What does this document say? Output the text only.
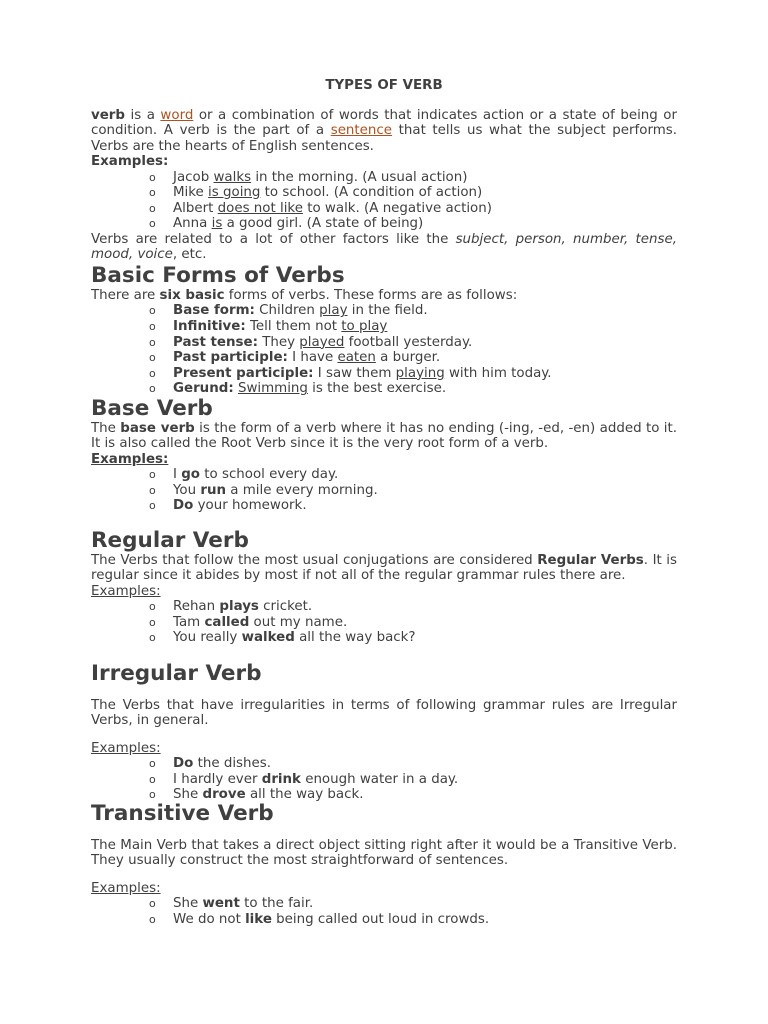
TYPES OF VERB

verb is a word or a combination of words that indicates action or a state of being or condition. A verb is the part of a sentence that tells us what the subject performs. Verbs are the hearts of English sentences.

Examples:
o Jacob walks in the morning. (A usual action)
o Mike is going to school. (A condition of action)
o Albert does not like to walk. (A negative action)
o Anna is a good girl. (A state of being)

Verbs are related to a lot of other factors like the subject, person, number, tense, mood, voice, etc.

Basic Forms of Verbs

There are six basic forms of verbs. These forms are as follows:

o Base form: Children play in the field.
o Infinitive: Tell them not to play
o Past tense: They played football yesterday.
o Past participle: I have eaten a burger.
o Present participle: I saw them playing with him today.
o Gerund: Swimming is the best exercise.
Base Verb

The base verb is the form of a verb where it has no ending (-ing, -ed, -en) added to it. It is also called the Root Verb since it is the very root form of a verb.

Examples:
o I go to school every day.
o You run a mile every morning.
o Do your homework.
Regular Verb

The Verbs that follow the most usual conjugations are considered Regular Verbs. It is regular since it abides by most if not all of the regular grammar rules there are.

Examples:
o Rehan plays cricket.
o Tam called out my name.
o You really walked all the way back?
Irregular Verb

The Verbs that have irregularities in terms of following grammar rules are Irregular Verbs, in general.

Examples:
o Do the dishes.
o I hardly ever drink enough water in a day.
o She drove all the way back.
Transitive Verb

The Main Verb that takes a direct object sitting right after it would be a Transitive Verb. They usually construct the most straightforward of sentences.

Examples:
o She went to the fair.
o We do not like being called out loud in crowds.
